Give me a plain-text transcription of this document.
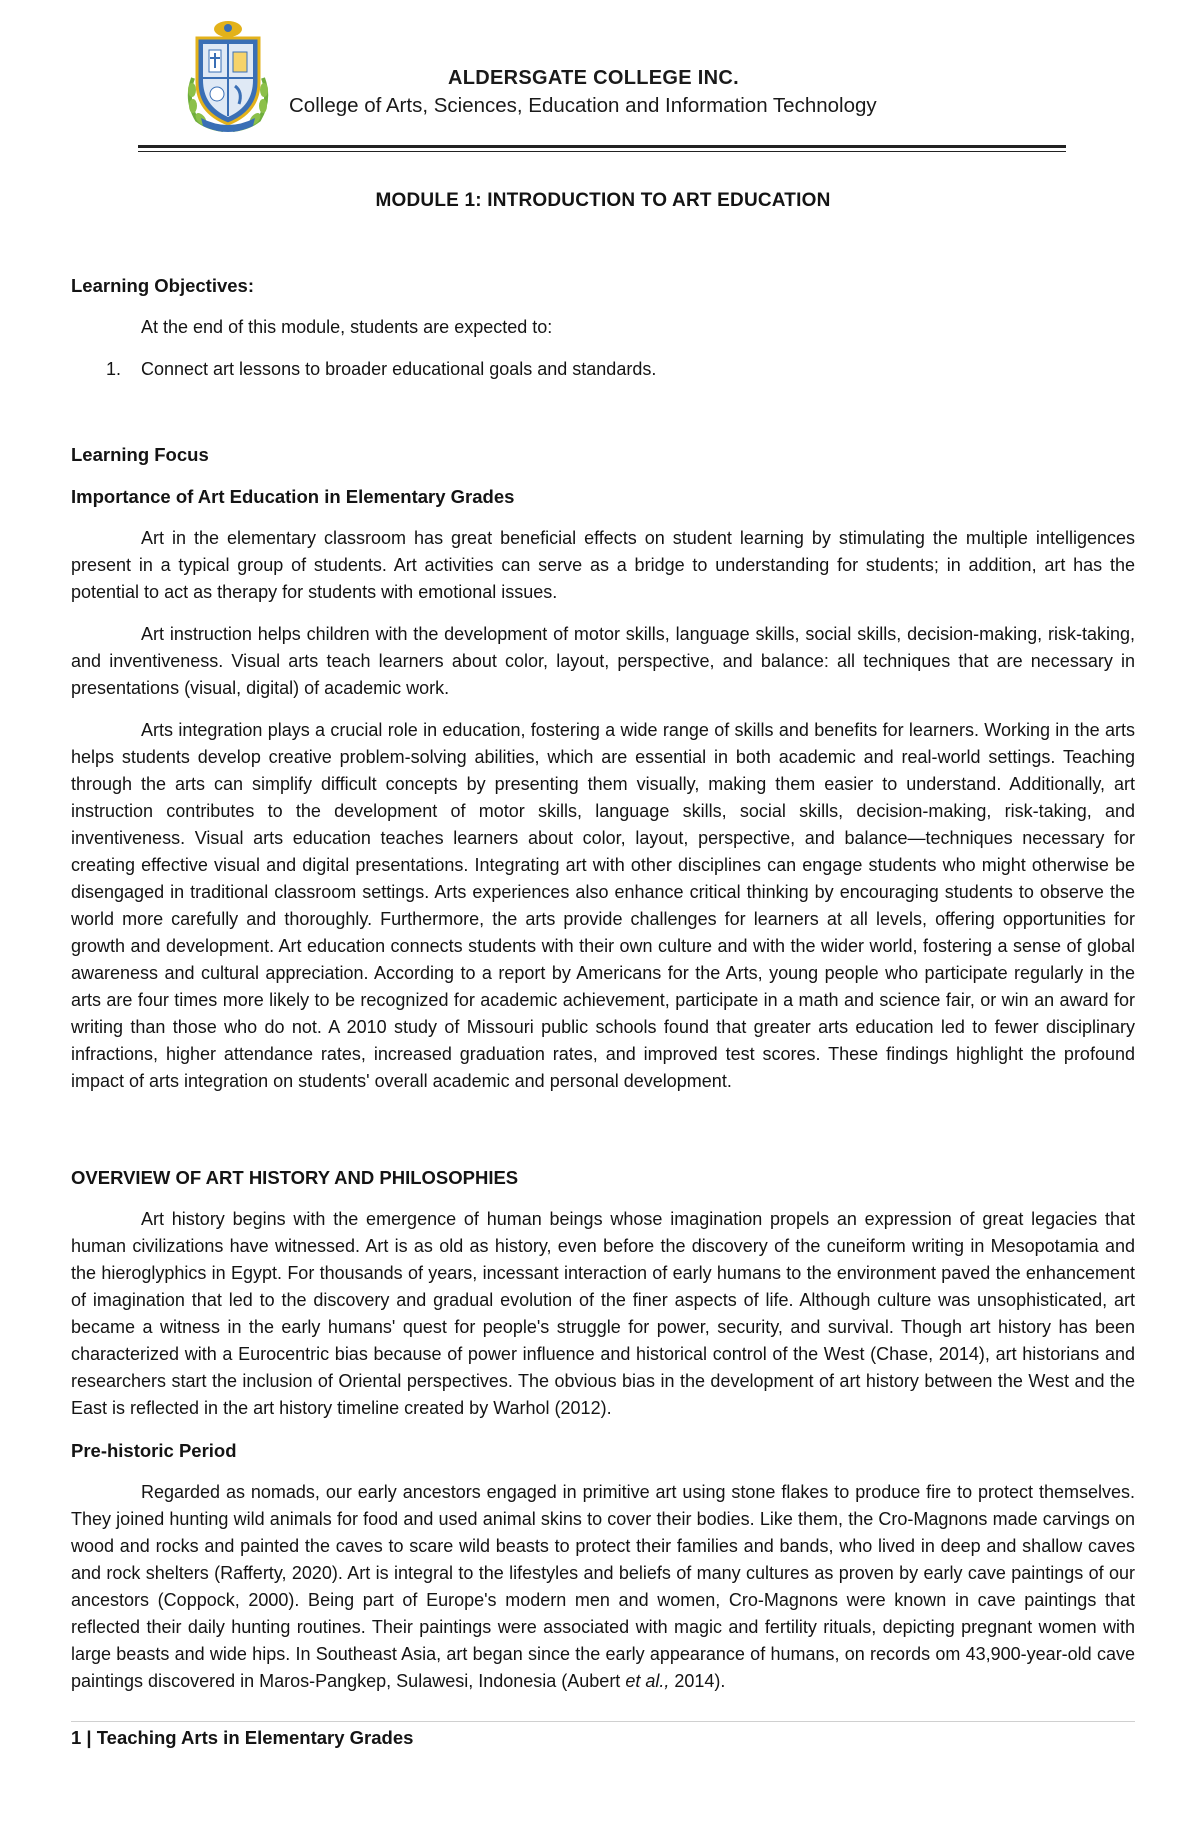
ALDERSGATE COLLEGE INC.
College of Arts, Sciences, Education and Information Technology

MODULE 1: INTRODUCTION TO ART EDUCATION

Learning Objectives:

At the end of this module, students are expected to:

1. Connect art lessons to broader educational goals and standards.

Learning Focus

Importance of Art Education in Elementary Grades

Art in the elementary classroom has great beneficial effects on student learning by stimulating the multiple intelligences present in a typical group of students. Art activities can serve as a bridge to understanding for students; in addition, art has the potential to act as therapy for students with emotional issues.

Art instruction helps children with the development of motor skills, language skills, social skills, decision-making, risk-taking, and inventiveness. Visual arts teach learners about color, layout, perspective, and balance: all techniques that are necessary in presentations (visual, digital) of academic work.

Arts integration plays a crucial role in education, fostering a wide range of skills and benefits for learners. Working in the arts helps students develop creative problem-solving abilities, which are essential in both academic and real-world settings. Teaching through the arts can simplify difficult concepts by presenting them visually, making them easier to understand. Additionally, art instruction contributes to the development of motor skills, language skills, social skills, decision-making, risk-taking, and inventiveness. Visual arts education teaches learners about color, layout, perspective, and balance—techniques necessary for creating effective visual and digital presentations. Integrating art with other disciplines can engage students who might otherwise be disengaged in traditional classroom settings. Arts experiences also enhance critical thinking by encouraging students to observe the world more carefully and thoroughly. Furthermore, the arts provide challenges for learners at all levels, offering opportunities for growth and development. Art education connects students with their own culture and with the wider world, fostering a sense of global awareness and cultural appreciation. According to a report by Americans for the Arts, young people who participate regularly in the arts are four times more likely to be recognized for academic achievement, participate in a math and science fair, or win an award for writing than those who do not. A 2010 study of Missouri public schools found that greater arts education led to fewer disciplinary infractions, higher attendance rates, increased graduation rates, and improved test scores. These findings highlight the profound impact of arts integration on students' overall academic and personal development.

OVERVIEW OF ART HISTORY AND PHILOSOPHIES

Art history begins with the emergence of human beings whose imagination propels an expression of great legacies that human civilizations have witnessed. Art is as old as history, even before the discovery of the cuneiform writing in Mesopotamia and the hieroglyphics in Egypt. For thousands of years, incessant interaction of early humans to the environment paved the enhancement of imagination that led to the discovery and gradual evolution of the finer aspects of life. Although culture was unsophisticated, art became a witness in the early humans' quest for people's struggle for power, security, and survival. Though art history has been characterized with a Eurocentric bias because of power influence and historical control of the West (Chase, 2014), art historians and researchers start the inclusion of Oriental perspectives. The obvious bias in the development of art history between the West and the East is reflected in the art history timeline created by Warhol (2012).

Pre-historic Period

Regarded as nomads, our early ancestors engaged in primitive art using stone flakes to produce fire to protect themselves. They joined hunting wild animals for food and used animal skins to cover their bodies. Like them, the Cro-Magnons made carvings on wood and rocks and painted the caves to scare wild beasts to protect their families and bands, who lived in deep and shallow caves and rock shelters (Rafferty, 2020). Art is integral to the lifestyles and beliefs of many cultures as proven by early cave paintings of our ancestors (Coppock, 2000). Being part of Europe's modern men and women, Cro-Magnons were known in cave paintings that reflected their daily hunting routines. Their paintings were associated with magic and fertility rituals, depicting pregnant women with large beasts and wide hips. In Southeast Asia, art began since the early appearance of humans, on records om 43,900-year-old cave paintings discovered in Maros-Pangkep, Sulawesi, Indonesia (Aubert et al., 2014).

1 | Teaching Arts in Elementary Grades
